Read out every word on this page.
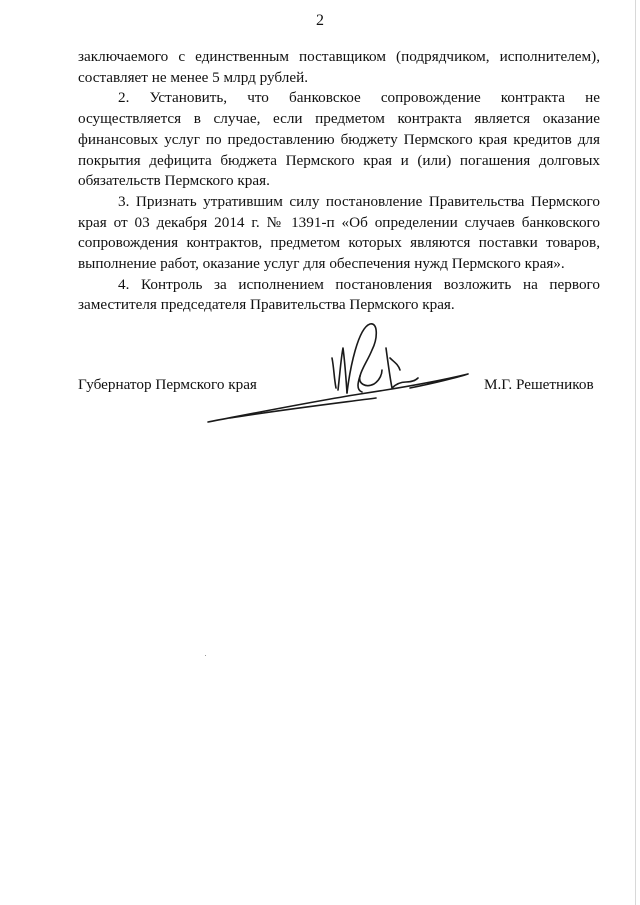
2

заключаемого с единственным поставщиком (подрядчиком, исполнителем), составляет не менее 5 млрд рублей.

2. Установить, что банковское сопровождение контракта не осуществляется в случае, если предметом контракта является оказание финансовых услуг по предоставлению бюджету Пермского края кредитов для покрытия дефицита бюджета Пермского края и (или) погашения долговых обязательств Пермского края.

3. Признать утратившим силу постановление Правительства Пермского края от 03 декабря 2014 г. № 1391-п «Об определении случаев банковского сопровождения контрактов, предметом которых являются поставки товаров, выполнение работ, оказание услуг для обеспечения нужд Пермского края».

4. Контроль за исполнением постановления возложить на первого заместителя председателя Правительства Пермского края.

Губернатор Пермского края	М.Г. Решетников
